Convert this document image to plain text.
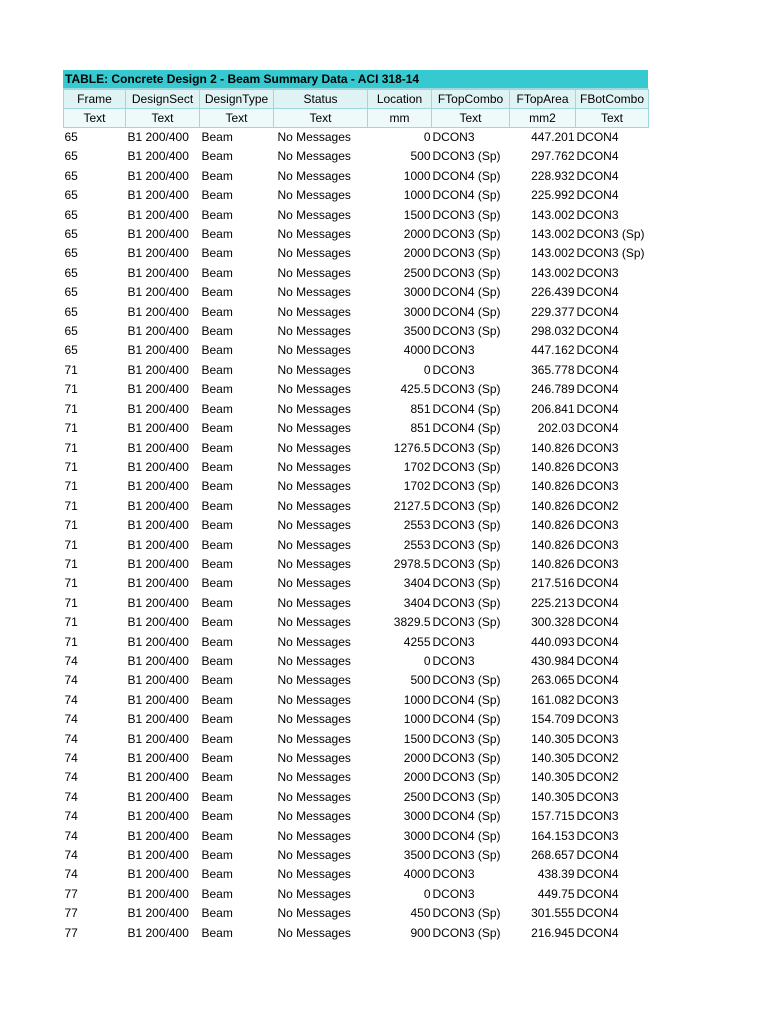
TABLE: Concrete Design 2 - Beam Summary Data - ACI 318-14
Frame	DesignSect	DesignType	Status	Location	FTopCombo	FTopArea	FBotCombo
Text	Text	Text	Text	mm	Text	mm2	Text
65	B1 200/400	Beam	No Messages	0	DCON3	447.201	DCON4
65	B1 200/400	Beam	No Messages	500	DCON3 (Sp)	297.762	DCON4
65	B1 200/400	Beam	No Messages	1000	DCON4 (Sp)	228.932	DCON4
65	B1 200/400	Beam	No Messages	1000	DCON4 (Sp)	225.992	DCON4
65	B1 200/400	Beam	No Messages	1500	DCON3 (Sp)	143.002	DCON3
65	B1 200/400	Beam	No Messages	2000	DCON3 (Sp)	143.002	DCON3 (Sp)
65	B1 200/400	Beam	No Messages	2000	DCON3 (Sp)	143.002	DCON3 (Sp)
65	B1 200/400	Beam	No Messages	2500	DCON3 (Sp)	143.002	DCON3
65	B1 200/400	Beam	No Messages	3000	DCON4 (Sp)	226.439	DCON4
65	B1 200/400	Beam	No Messages	3000	DCON4 (Sp)	229.377	DCON4
65	B1 200/400	Beam	No Messages	3500	DCON3 (Sp)	298.032	DCON4
65	B1 200/400	Beam	No Messages	4000	DCON3	447.162	DCON4
71	B1 200/400	Beam	No Messages	0	DCON3	365.778	DCON4
71	B1 200/400	Beam	No Messages	425.5	DCON3 (Sp)	246.789	DCON4
71	B1 200/400	Beam	No Messages	851	DCON4 (Sp)	206.841	DCON4
71	B1 200/400	Beam	No Messages	851	DCON4 (Sp)	202.03	DCON4
71	B1 200/400	Beam	No Messages	1276.5	DCON3 (Sp)	140.826	DCON3
71	B1 200/400	Beam	No Messages	1702	DCON3 (Sp)	140.826	DCON3
71	B1 200/400	Beam	No Messages	1702	DCON3 (Sp)	140.826	DCON3
71	B1 200/400	Beam	No Messages	2127.5	DCON3 (Sp)	140.826	DCON2
71	B1 200/400	Beam	No Messages	2553	DCON3 (Sp)	140.826	DCON3
71	B1 200/400	Beam	No Messages	2553	DCON3 (Sp)	140.826	DCON3
71	B1 200/400	Beam	No Messages	2978.5	DCON3 (Sp)	140.826	DCON3
71	B1 200/400	Beam	No Messages	3404	DCON3 (Sp)	217.516	DCON4
71	B1 200/400	Beam	No Messages	3404	DCON3 (Sp)	225.213	DCON4
71	B1 200/400	Beam	No Messages	3829.5	DCON3 (Sp)	300.328	DCON4
71	B1 200/400	Beam	No Messages	4255	DCON3	440.093	DCON4
74	B1 200/400	Beam	No Messages	0	DCON3	430.984	DCON4
74	B1 200/400	Beam	No Messages	500	DCON3 (Sp)	263.065	DCON4
74	B1 200/400	Beam	No Messages	1000	DCON4 (Sp)	161.082	DCON3
74	B1 200/400	Beam	No Messages	1000	DCON4 (Sp)	154.709	DCON3
74	B1 200/400	Beam	No Messages	1500	DCON3 (Sp)	140.305	DCON3
74	B1 200/400	Beam	No Messages	2000	DCON3 (Sp)	140.305	DCON2
74	B1 200/400	Beam	No Messages	2000	DCON3 (Sp)	140.305	DCON2
74	B1 200/400	Beam	No Messages	2500	DCON3 (Sp)	140.305	DCON3
74	B1 200/400	Beam	No Messages	3000	DCON4 (Sp)	157.715	DCON3
74	B1 200/400	Beam	No Messages	3000	DCON4 (Sp)	164.153	DCON3
74	B1 200/400	Beam	No Messages	3500	DCON3 (Sp)	268.657	DCON4
74	B1 200/400	Beam	No Messages	4000	DCON3	438.39	DCON4
77	B1 200/400	Beam	No Messages	0	DCON3	449.75	DCON4
77	B1 200/400	Beam	No Messages	450	DCON3 (Sp)	301.555	DCON4
77	B1 200/400	Beam	No Messages	900	DCON3 (Sp)	216.945	DCON4
